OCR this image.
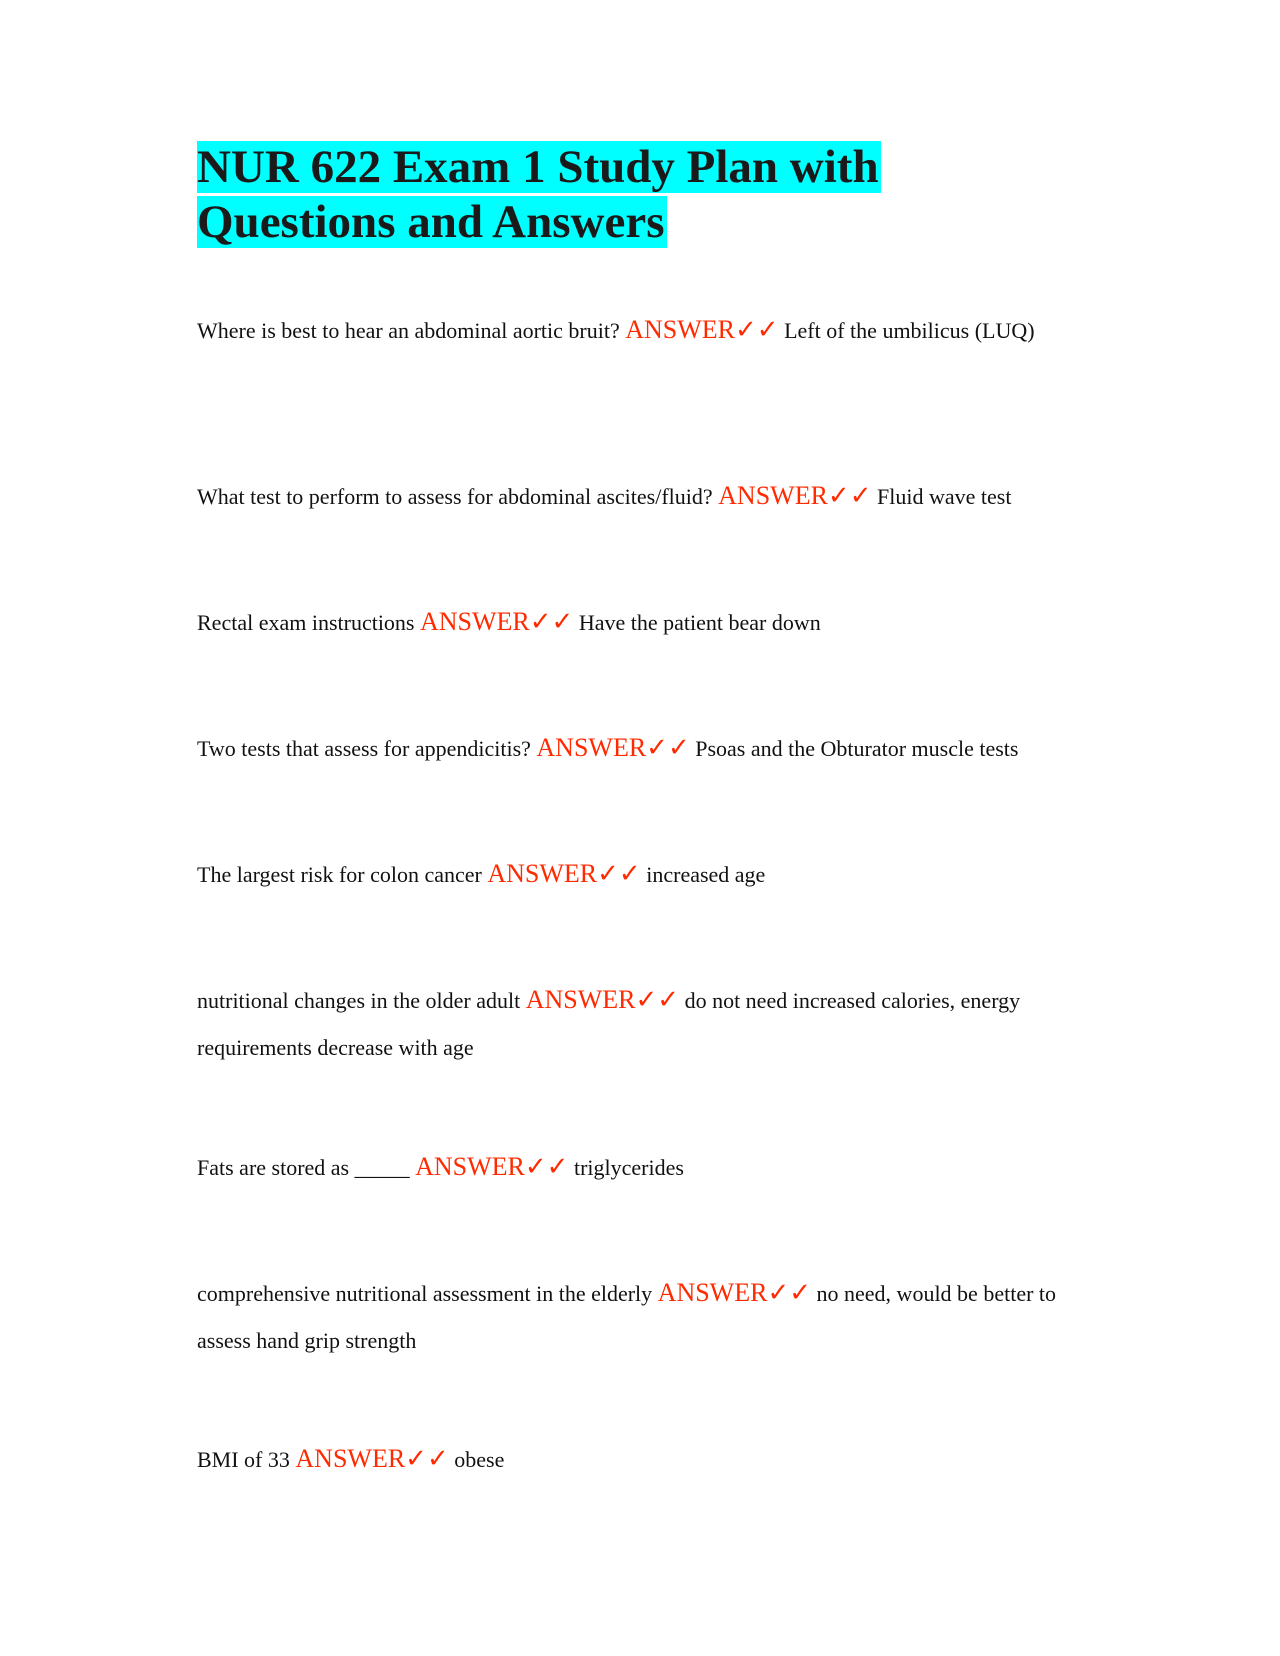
NUR 622 Exam 1 Study Plan with
Questions and Answers

Where is best to hear an abdominal aortic bruit? ANSWER✓✓ Left of the umbilicus (LUQ)

What test to perform to assess for abdominal ascites/fluid? ANSWER✓✓ Fluid wave test

Rectal exam instructions ANSWER✓✓ Have the patient bear down

Two tests that assess for appendicitis? ANSWER✓✓ Psoas and the Obturator muscle tests

The largest risk for colon cancer ANSWER✓✓ increased age

nutritional changes in the older adult ANSWER✓✓ do not need increased calories, energy requirements decrease with age

Fats are stored as _____ ANSWER✓✓ triglycerides

comprehensive nutritional assessment in the elderly ANSWER✓✓ no need, would be better to assess hand grip strength

BMI of 33 ANSWER✓✓ obese
